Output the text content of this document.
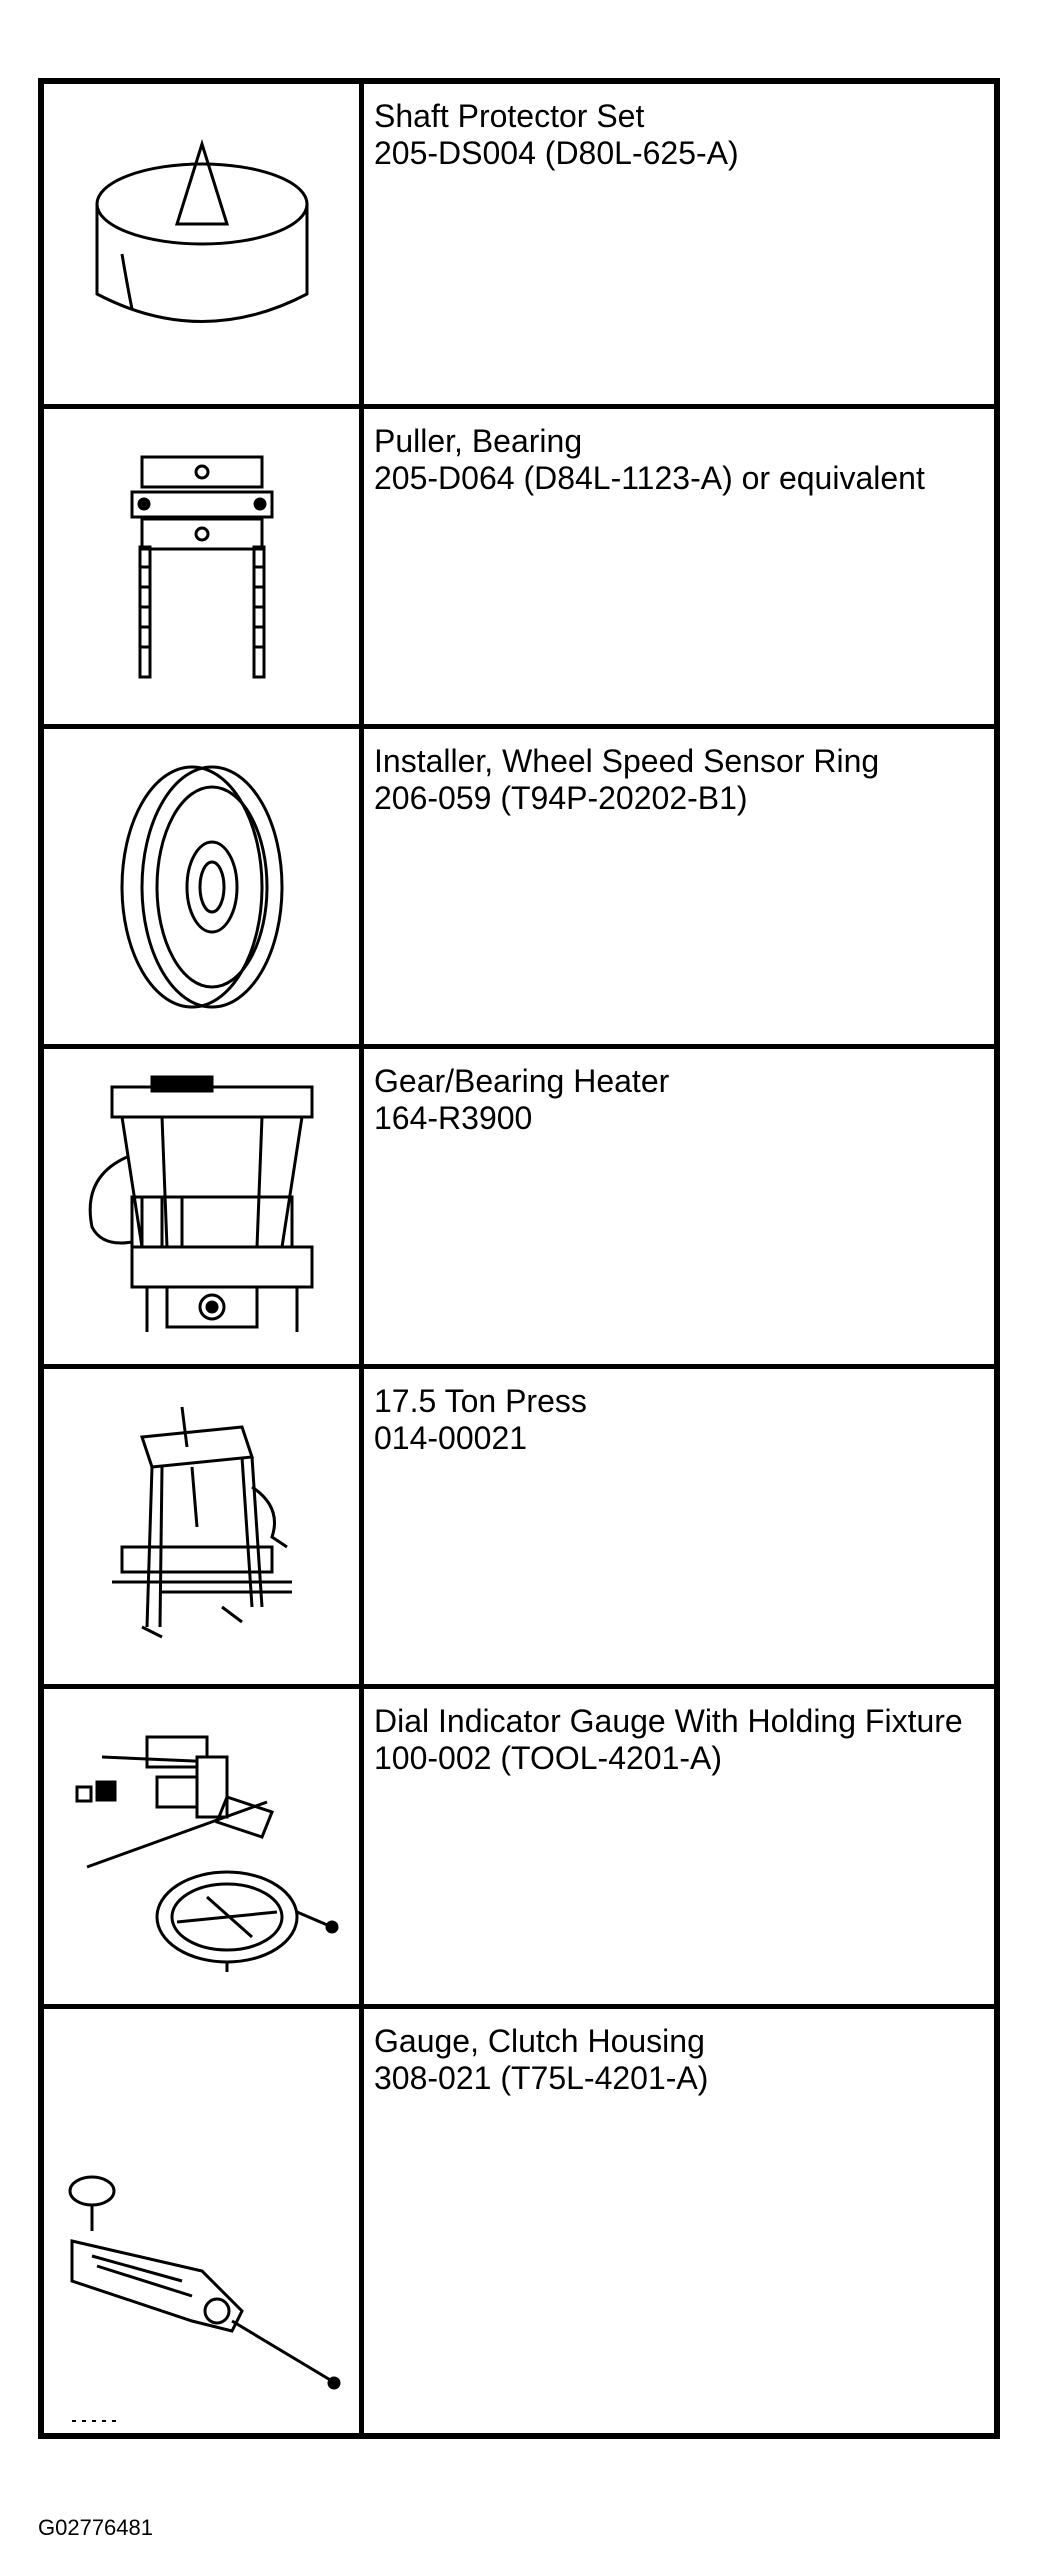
Shaft Protector Set
205-DS004 (D80L-625-A)
Puller, Bearing
205-D064 (D84L-1123-A) or equivalent
Installer, Wheel Speed Sensor Ring
206-059 (T94P-20202-B1)
Gear/Bearing Heater
164-R3900
17.5 Ton Press
014-00021
Dial Indicator Gauge With Holding Fixture
100-002 (TOOL-4201-A)
Gauge, Clutch Housing
308-021 (T75L-4201-A)
G02776481
